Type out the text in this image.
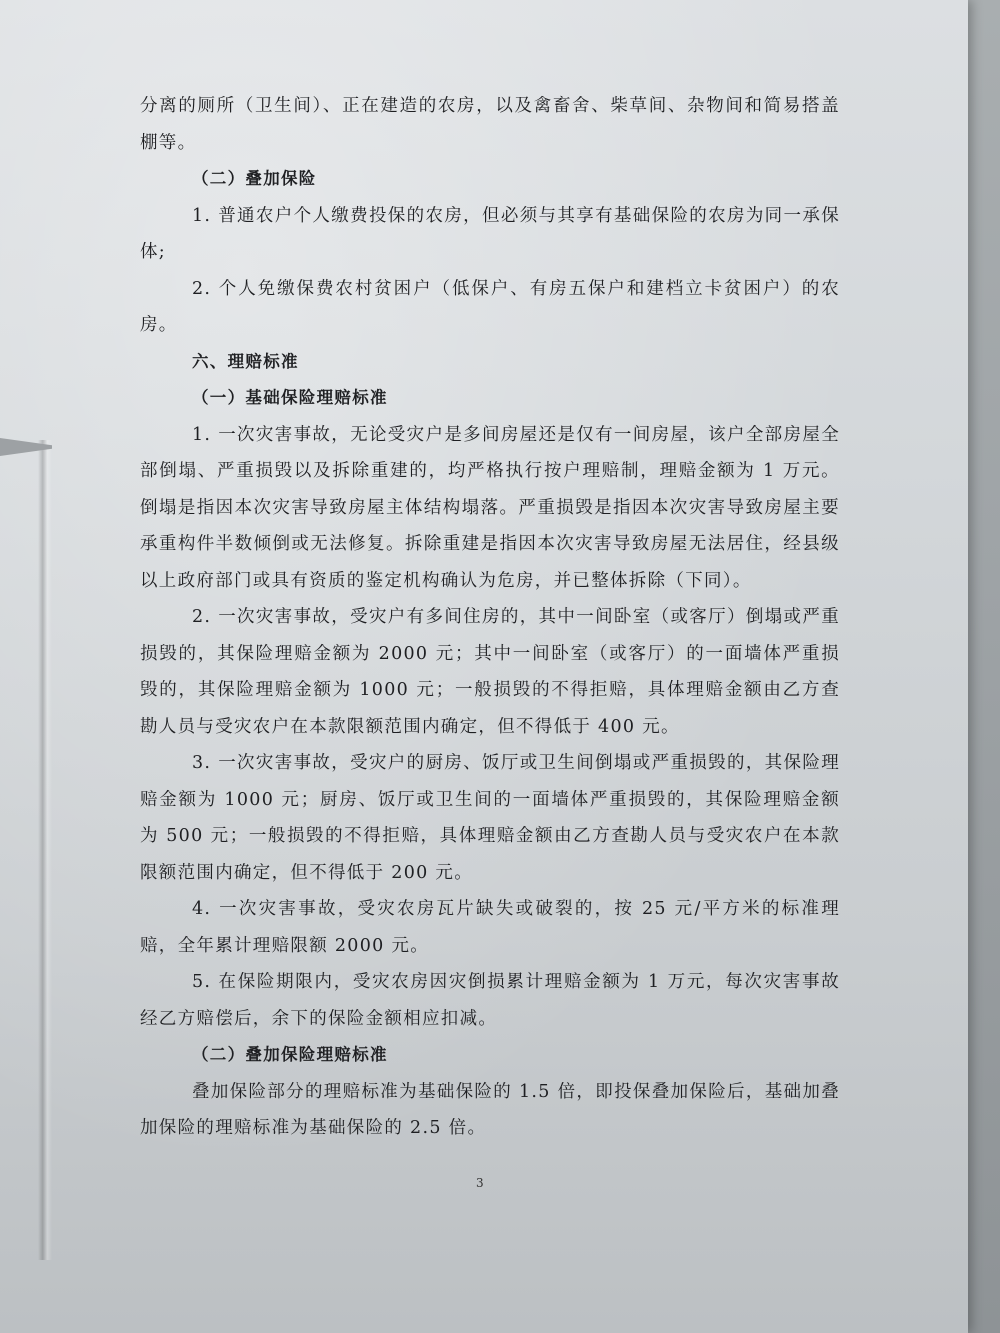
分离的厕所（卫生间）、正在建造的农房，以及禽畜舍、柴草间、杂物间和简易搭盖棚等。

（二）叠加保险

1. 普通农户个人缴费投保的农房，但必须与其享有基础保险的农房为同一承保体;

2. 个人免缴保费农村贫困户（低保户、有房五保户和建档立卡贫困户）的农房。

六、理赔标准

（一）基础保险理赔标准

1. 一次灾害事故，无论受灾户是多间房屋还是仅有一间房屋，该户全部房屋全部倒塌、严重损毁以及拆除重建的，均严格执行按户理赔制，理赔金额为 1 万元。倒塌是指因本次灾害导致房屋主体结构塌落。严重损毁是指因本次灾害导致房屋主要承重构件半数倾倒或无法修复。拆除重建是指因本次灾害导致房屋无法居住，经县级以上政府部门或具有资质的鉴定机构确认为危房，并已整体拆除（下同）。

2. 一次灾害事故，受灾户有多间住房的，其中一间卧室（或客厅）倒塌或严重损毁的，其保险理赔金额为 2000 元；其中一间卧室（或客厅）的一面墙体严重损毁的，其保险理赔金额为 1000 元；一般损毁的不得拒赔，具体理赔金额由乙方查勘人员与受灾农户在本款限额范围内确定，但不得低于 400 元。

3. 一次灾害事故，受灾户的厨房、饭厅或卫生间倒塌或严重损毁的，其保险理赔金额为 1000 元；厨房、饭厅或卫生间的一面墙体严重损毁的，其保险理赔金额为 500 元；一般损毁的不得拒赔，具体理赔金额由乙方查勘人员与受灾农户在本款限额范围内确定，但不得低于 200 元。

4. 一次灾害事故，受灾农房瓦片缺失或破裂的，按 25 元/平方米的标准理赔，全年累计理赔限额 2000 元。

5. 在保险期限内，受灾农房因灾倒损累计理赔金额为 1 万元，每次灾害事故经乙方赔偿后，余下的保险金额相应扣减。

（二）叠加保险理赔标准

叠加保险部分的理赔标准为基础保险的 1.5 倍，即投保叠加保险后，基础加叠加保险的理赔标准为基础保险的 2.5 倍。

3
